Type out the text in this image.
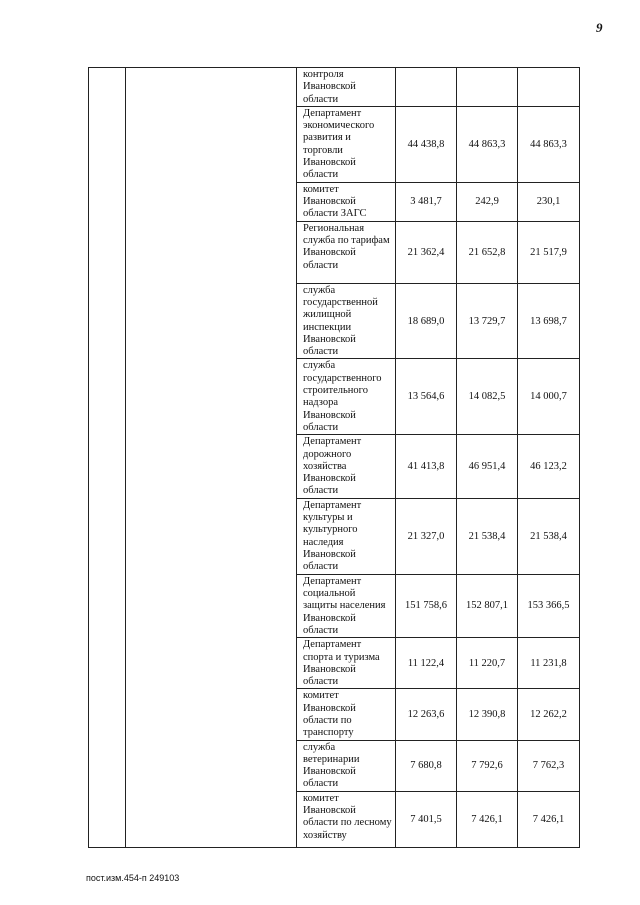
9
		контроля Ивановской области			
		Департамент экономического развития и торговли Ивановской области	44 438,8	44 863,3	44 863,3
		комитет Ивановской области ЗАГС	3 481,7	242,9	230,1
		Региональная служба по тарифам Ивановской области	21 362,4	21 652,8	21 517,9
		служба государственной жилищной инспекции Ивановской области	18 689,0	13 729,7	13 698,7
		служба государственного строительного надзора Ивановской области	13 564,6	14 082,5	14 000,7
		Департамент дорожного хозяйства Ивановской области	41 413,8	46 951,4	46 123,2
		Департамент культуры и культурного наследия Ивановской области	21 327,0	21 538,4	21 538,4
		Департамент социальной защиты населения Ивановской области	151 758,6	152 807,1	153 366,5
		Департамент спорта и туризма Ивановской области	11 122,4	11 220,7	11 231,8
		комитет Ивановской области по транспорту	12 263,6	12 390,8	12 262,2
		служба ветеринарии Ивановской области	7 680,8	7 792,6	7 762,3
		комитет Ивановской области по лесному хозяйству	7 401,5	7 426,1	7 426,1
пост.изм.454-п 249103
